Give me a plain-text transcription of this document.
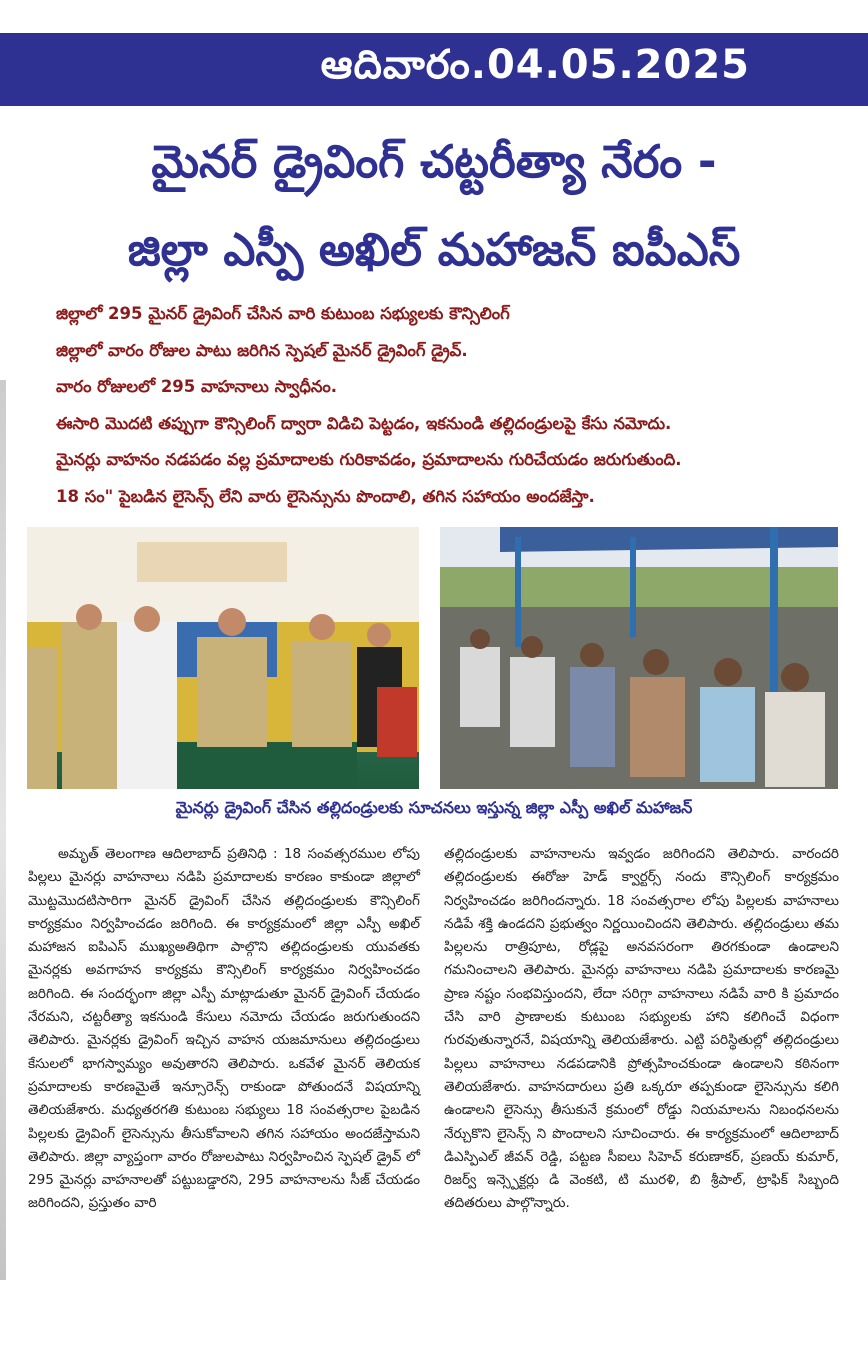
ఆదివారం.04.05.2025
మైనర్ డ్రైవింగ్ చట్టరీత్యా నేరం -
జిల్లా ఎస్పీ అఖిల్ మహాజన్ ఐపీఎస్
జిల్లాలో 295 మైనర్ డ్రైవింగ్ చేసిన వారి కుటుంబ సభ్యులకు కౌన్సిలింగ్
జిల్లాలో వారం రోజుల పాటు జరిగిన స్పెషల్ మైనర్ డ్రైవింగ్ డ్రైవ్.
వారం రోజులలో 295 వాహనాలు స్వాధీనం.
ఈసారి మొదటి తప్పుగా కౌన్సిలింగ్ ద్వారా విడిచి పెట్టడం, ఇకనుండి తల్లిదండ్రులపై కేసు నమోదు.
మైనర్లు వాహనం నడపడం వల్ల ప్రమాదాలకు గురికావడం, ప్రమాదాలను గురిచేయడం జరుగుతుంది.
18 సం" పైబడిన లైసెన్స్ లేని వారు లైసెన్సును పొందాలి, తగిన సహాయం అందజేస్తా.
మైనర్లు డ్రైవింగ్ చేసిన తల్లిదండ్రులకు సూచనలు ఇస్తున్న జిల్లా ఎస్పీ అఖిల్ మహాజన్
అమృత్ తెలంగాణ ఆదిలాబాద్ ప్రతినిధి : 18 సంవత్సరముల లోపు పిల్లలు మైనర్లు వాహనాలు నడిపి ప్రమాదాలకు కారణం కాకుండా జిల్లాలో మొట్టమొదటిసారిగా మైనర్ డ్రైవింగ్ చేసిన తల్లిదండ్రులకు కౌన్సిలింగ్ కార్యక్రమం నిర్వహించడం జరిగింది. ఈ కార్యక్రమంలో జిల్లా ఎస్పీ అఖిల్ మహాజన ఐపిఎస్ ముఖ్యఅతిథిగా పాల్గొని తల్లిదండ్రులకు యువతకు మైనర్లకు అవగాహన కార్యక్రమ కౌన్సిలింగ్ కార్యక్రమం నిర్వహించడం జరిగింది. ఈ సందర్భంగా జిల్లా ఎస్పీ మాట్లాడుతూ మైనర్ డ్రైవింగ్ చేయడం నేరమని, చట్టరీత్యా ఇకనుండి కేసులు నమోదు చేయడం జరుగుతుందని తెలిపారు. మైనర్లకు డ్రైవింగ్ ఇచ్చిన వాహన యజమానులు తల్లిదండ్రులు కేసులలో భాగస్వామ్యం అవుతారని తెలిపారు. ఒకవేళ మైనర్ తెలియక ప్రమాదాలకు కారణమైతే ఇన్సూరెన్స్ రాకుండా పోతుందనే విషయాన్ని తెలియజేశారు. మధ్యతరగతి కుటుంబ సభ్యులు 18 సంవత్సరాల పైబడిన పిల్లలకు డ్రైవింగ్ లైసెన్సును తీసుకోవాలని తగిన సహాయం అందజేస్తామని తెలిపారు. జిల్లా వ్యాప్తంగా వారం రోజులపాటు నిర్వహించిన స్పెషల్ డ్రైవ్ లో 295 మైనర్లు వాహనాలతో పట్టుబడ్డారని, 295 వాహనాలను సీజ్ చేయడం జరిగిందని, ప్రస్తుతం వారి
తల్లిదండ్రులకు వాహనాలను ఇవ్వడం జరిగిందని తెలిపారు. వారందరి తల్లిదండ్రులకు ఈరోజు హెడ్ క్వార్టర్స్ నందు కౌన్సిలింగ్ కార్యక్రమం నిర్వహించడం జరిగిందన్నారు. 18 సంవత్సరాల లోపు పిల్లలకు వాహనాలు నడిపే శక్తి ఉండదని ప్రభుత్వం నిర్ణయించిందని తెలిపారు. తల్లిదండ్రులు తమ పిల్లలను రాత్రిపూట, రోడ్లపై అనవసరంగా తిరగకుండా ఉండాలని గమనించాలని తెలిపారు. మైనర్లు వాహనాలు నడిపి ప్రమాదాలకు కారణమై ప్రాణ నష్టం సంభవిస్తుందని, లేదా సరిగ్గా వాహనాలు నడిపే వారి కి ప్రమాదం చేసి వారి ప్రాణాలకు కుటుంబ సభ్యులకు హాని కలిగించే విధంగా గురవుతున్నారనే, విషయాన్ని తెలియజేశారు. ఎట్టి పరిస్థితుల్లో తల్లిదండ్రులు పిల్లలు వాహనాలు నడపడానికి ప్రోత్సహించకుండా ఉండాలని కఠినంగా తెలియజేశారు. వాహనదారులు ప్రతి ఒక్కరూ తప్పకుండా లైసెన్సును కలిగి ఉండాలని లైసెన్సు తీసుకునే క్రమంలో రోడ్డు నియమాలను నిబంధనలను నేర్చుకొని లైసెన్స్ ని పొందాలని సూచించారు. ఈ కార్యక్రమంలో ఆదిలాబాద్ డిఎస్పిఎల్ జీవన్ రెడ్డి, పట్టణ సీఐలు సిహెచ్ కరుణాకర్, ప్రణయ్ కుమార్, రిజర్వ్ ఇన్స్పెక్టర్లు డి వెంకటి, టి మురళి, బి శ్రీపాల్, ట్రాఫిక్ సిబ్బంది తదితరులు పాల్గొన్నారు.
